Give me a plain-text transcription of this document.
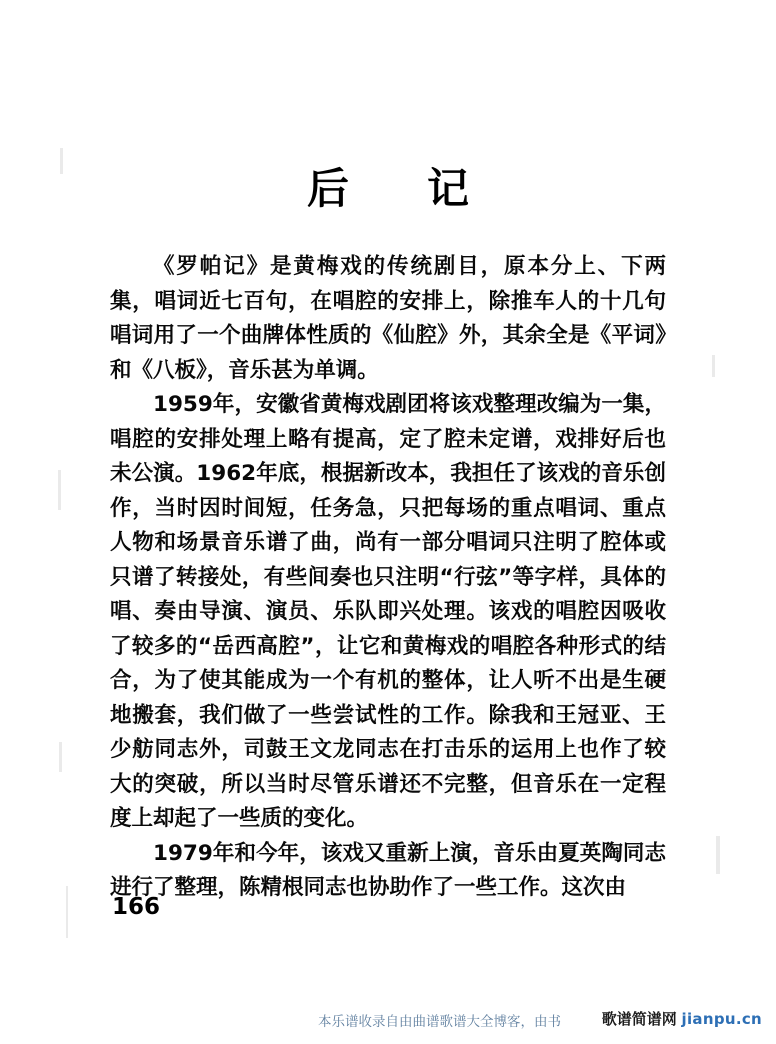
后　记

《罗帕记》是黄梅戏的传统剧目，原本分上、下两集，唱词近七百句，在唱腔的安排上，除推车人的十几句唱词用了一个曲牌体性质的《仙腔》外，其余全是《平词》和《八板》，音乐甚为单调。

1959年，安徽省黄梅戏剧团将该戏整理改编为一集，唱腔的安排处理上略有提高，定了腔未定谱，戏排好后也未公演。1962年底，根据新改本，我担任了该戏的音乐创作，当时因时间短，任务急，只把每场的重点唱词、重点人物和场景音乐谱了曲，尚有一部分唱词只注明了腔体或只谱了转接处，有些间奏也只注明“行弦”等字样，具体的唱、奏由导演、演员、乐队即兴处理。该戏的唱腔因吸收了较多的“岳西高腔”，让它和黄梅戏的唱腔各种形式的结合，为了使其能成为一个有机的整体，让人听不出是生硬地搬套，我们做了一些尝试性的工作。除我和王冠亚、王少舫同志外，司鼓王文龙同志在打击乐的运用上也作了较大的突破，所以当时尽管乐谱还不完整，但音乐在一定程度上却起了一些质的变化。

1979年和今年，该戏又重新上演，音乐由夏英陶同志进行了整理，陈精根同志也协助作了一些工作。这次由

166
本乐谱收录自由曲谱歌谱大全博客，由书	歌谱简谱网 jianpu.cn
